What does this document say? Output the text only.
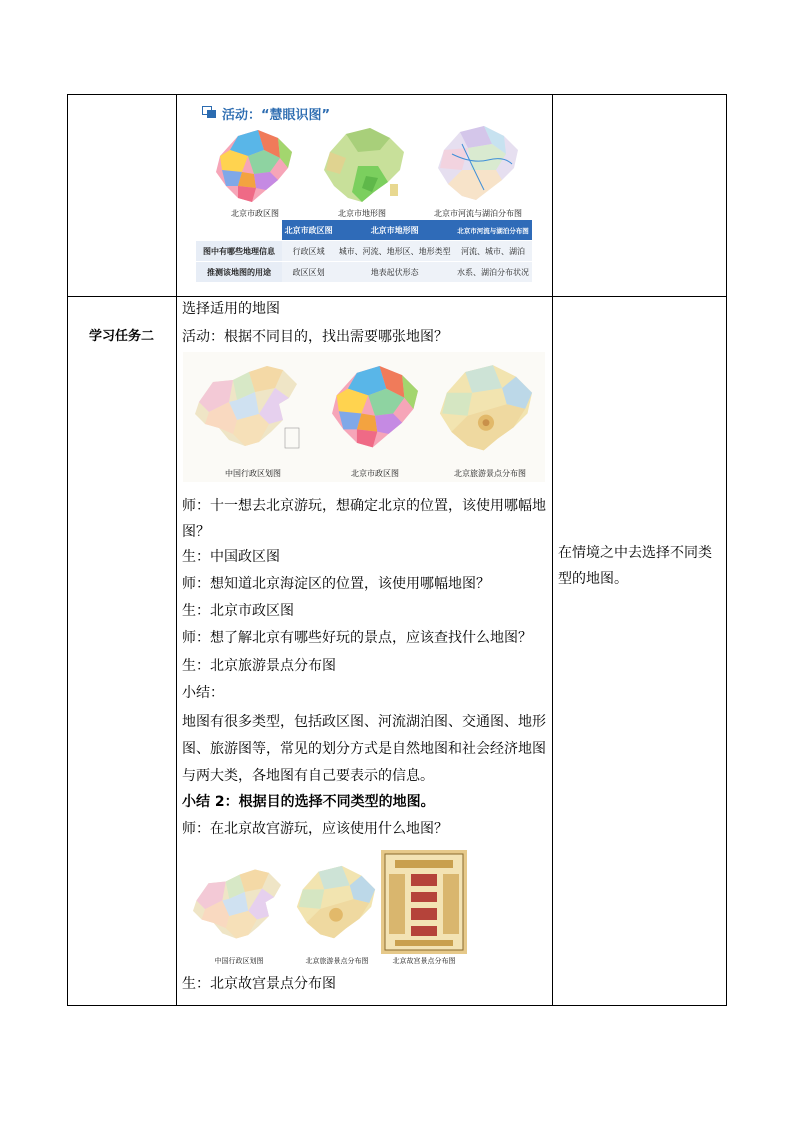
活动：“慧眼识图”
北京市政区图	北京市地形图	北京市河流与湖泊分布图
	北京市政区图	北京市地形图	北京市河流与湖泊分布图
图中有哪些地理信息	行政区域	城市、河流、地形区、地形类型	河流、城市、湖泊
推测该地图的用途	政区区划	地表起伏形态	水系、湖泊分布状况
学习任务二
选择适用的地图
活动：根据不同目的，找出需要哪张地图？
中国行政区划图	北京市政区图	北京旅游景点分布图
师：十一想去北京游玩，想确定北京的位置，该使用哪幅地图？
生：中国政区图
师：想知道北京海淀区的位置，该使用哪幅地图？
生：北京市政区图
师：想了解北京有哪些好玩的景点，应该查找什么地图？
生：北京旅游景点分布图
小结：
地图有很多类型，包括政区图、河流湖泊图、交通图、地形图、旅游图等，常见的划分方式是自然地图和社会经济地图与两大类，各地图有自己要表示的信息。
小结 2：根据目的选择不同类型的地图。
师：在北京故宫游玩，应该使用什么地图？
中国行政区划图	北京旅游景点分布图	北京故宫景点分布图
生：北京故宫景点分布图
在情境之中去选择不同类型的地图。
